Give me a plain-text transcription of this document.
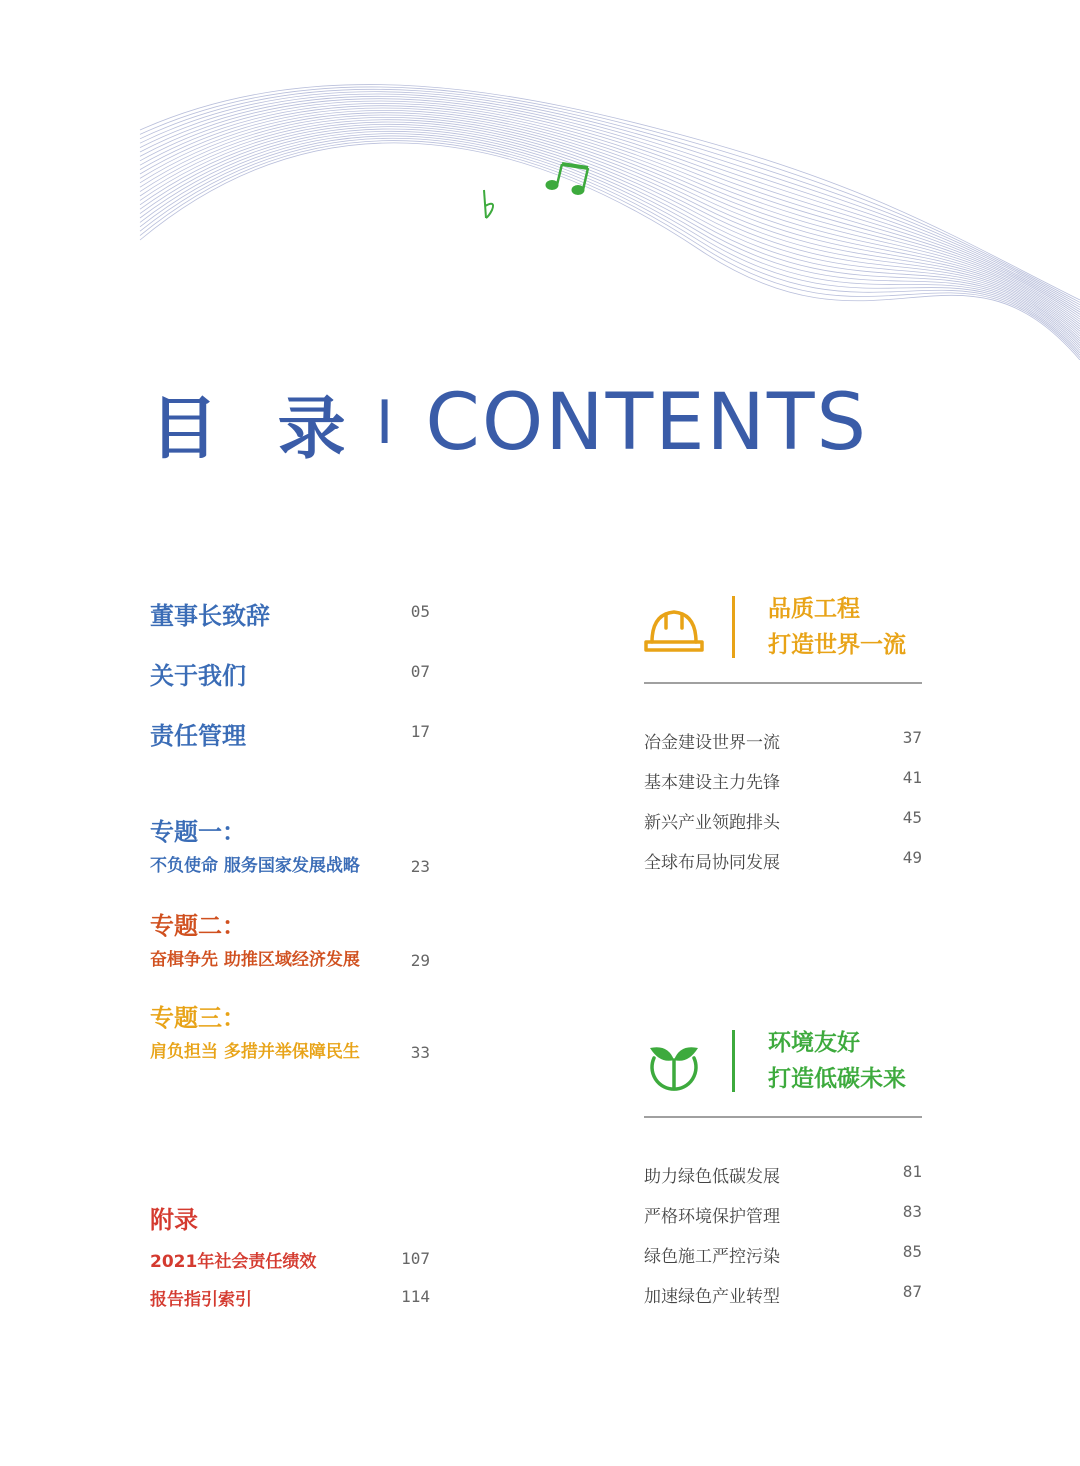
目 录 I CONTENTS
董事长致辞	05
关于我们	07
责任管理	17
专题一：
不负使命 服务国家发展战略	23
专题二：
奋楫争先 助推区域经济发展	29
专题三：
肩负担当 多措并举保障民生	33
附录
2021年社会责任绩效	107
报告指引索引	114
品质工程
打造世界一流
冶金建设世界一流	37
基本建设主力先锋	41
新兴产业领跑排头	45
全球布局协同发展	49
环境友好
打造低碳未来
助力绿色低碳发展	81
严格环境保护管理	83
绿色施工严控污染	85
加速绿色产业转型	87
